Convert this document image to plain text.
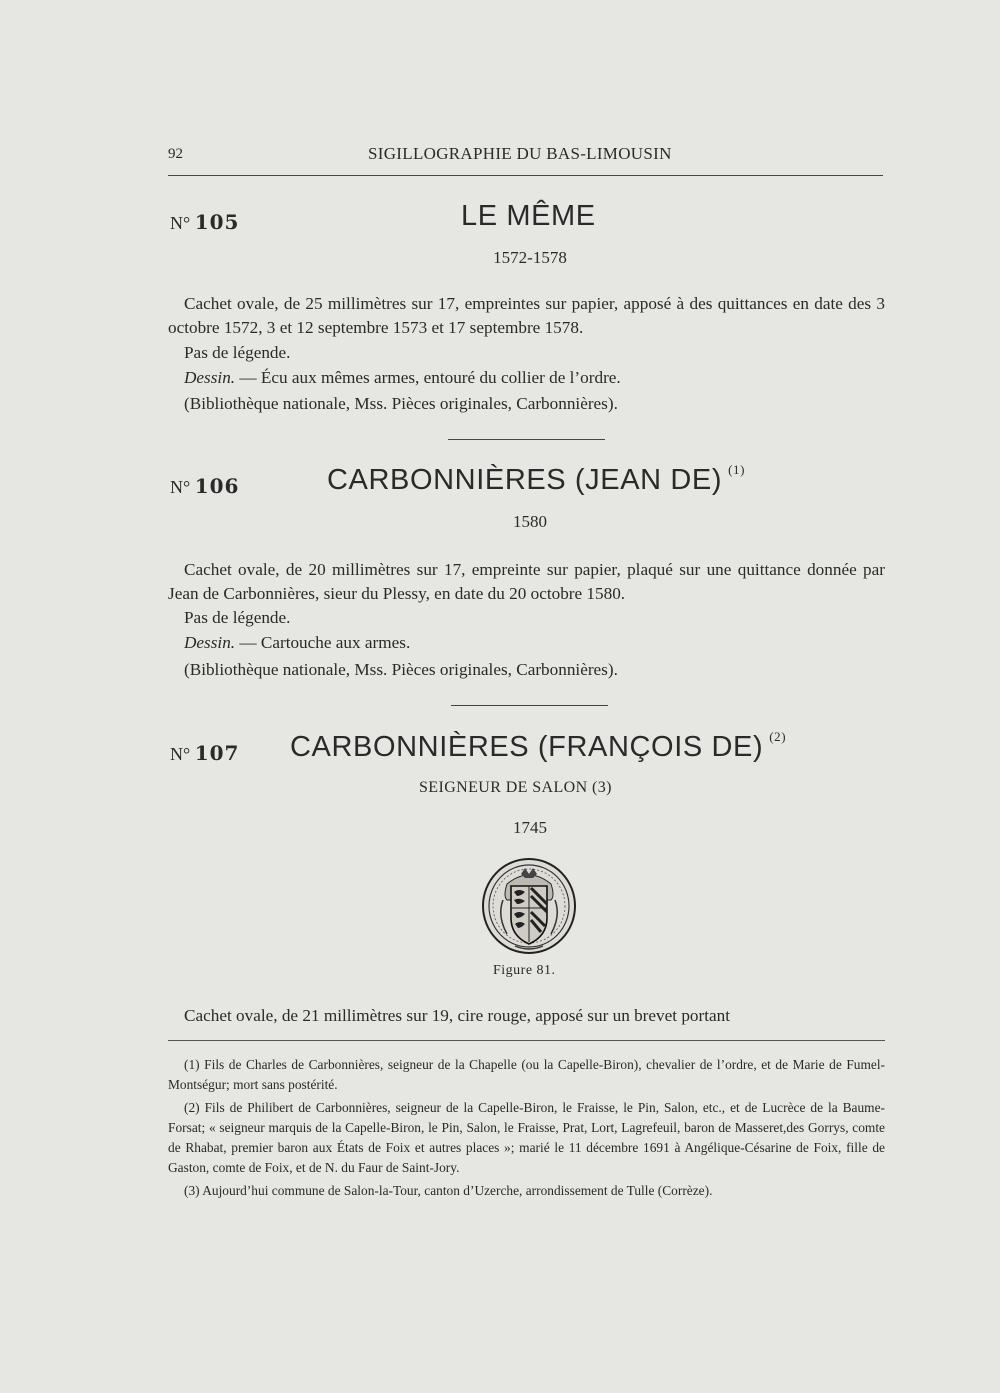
92	SIGILLOGRAPHIE DU BAS-LIMOUSIN
N° 105	LE MÊME
1572-1578

Cachet ovale, de 25 millimètres sur 17, empreintes sur papier, apposé à des quittances en date des 3 octobre 1572, 3 et 12 septembre 1573 et 17 septembre 1578.

Pas de légende.
Dessin. — Écu aux mêmes armes, entouré du collier de l’ordre.
(Bibliothèque nationale, Mss. Pièces originales, Carbonnières).
N° 106	CARBONNIÈRES (JEAN DE) $^{(1)}$
1580

Cachet ovale, de 20 millimètres sur 17, empreinte sur papier, plaqué sur une quittance donnée par Jean de Carbonnières, sieur du Plessy, en date du 20 octobre 1580.

Pas de légende.
Dessin. — Cartouche aux armes.
(Bibliothèque nationale, Mss. Pièces originales, Carbonnières).
N° 107 CARBONNIÈRES (FRANÇOIS DE) $^{(2)}$
SEIGNEUR DE SALON (3)
1745
Figure 81.

Cachet ovale, de 21 millimètres sur 19, cire rouge, apposé sur un brevet portant

(1) Fils de Charles de Carbonnières, seigneur de la Chapelle (ou la Capelle-Biron), chevalier de l’ordre, et de Marie de Fumel-Montségur; mort sans postérité.

(2) Fils de Philibert de Carbonnières, seigneur de la Capelle-Biron, le Fraisse, le Pin, Salon, etc., et de Lucrèce de la Baume-Forsat; « seigneur marquis de la Capelle-Biron, le Pin, Salon, le Fraisse, Prat, Lort, Lagrefeuil, baron de Masseret,des Gorrys, comte de Rhabat, premier baron aux États de Foix et autres places »; marié le 11 décembre 1691 à Angélique-Césarine de Foix, fille de Gaston, comte de Foix, et de N. du Faur de Saint-Jory.

(3) Aujourd’hui commune de Salon-la-Tour, canton d’Uzerche, arrondissement de Tulle (Corrèze).
